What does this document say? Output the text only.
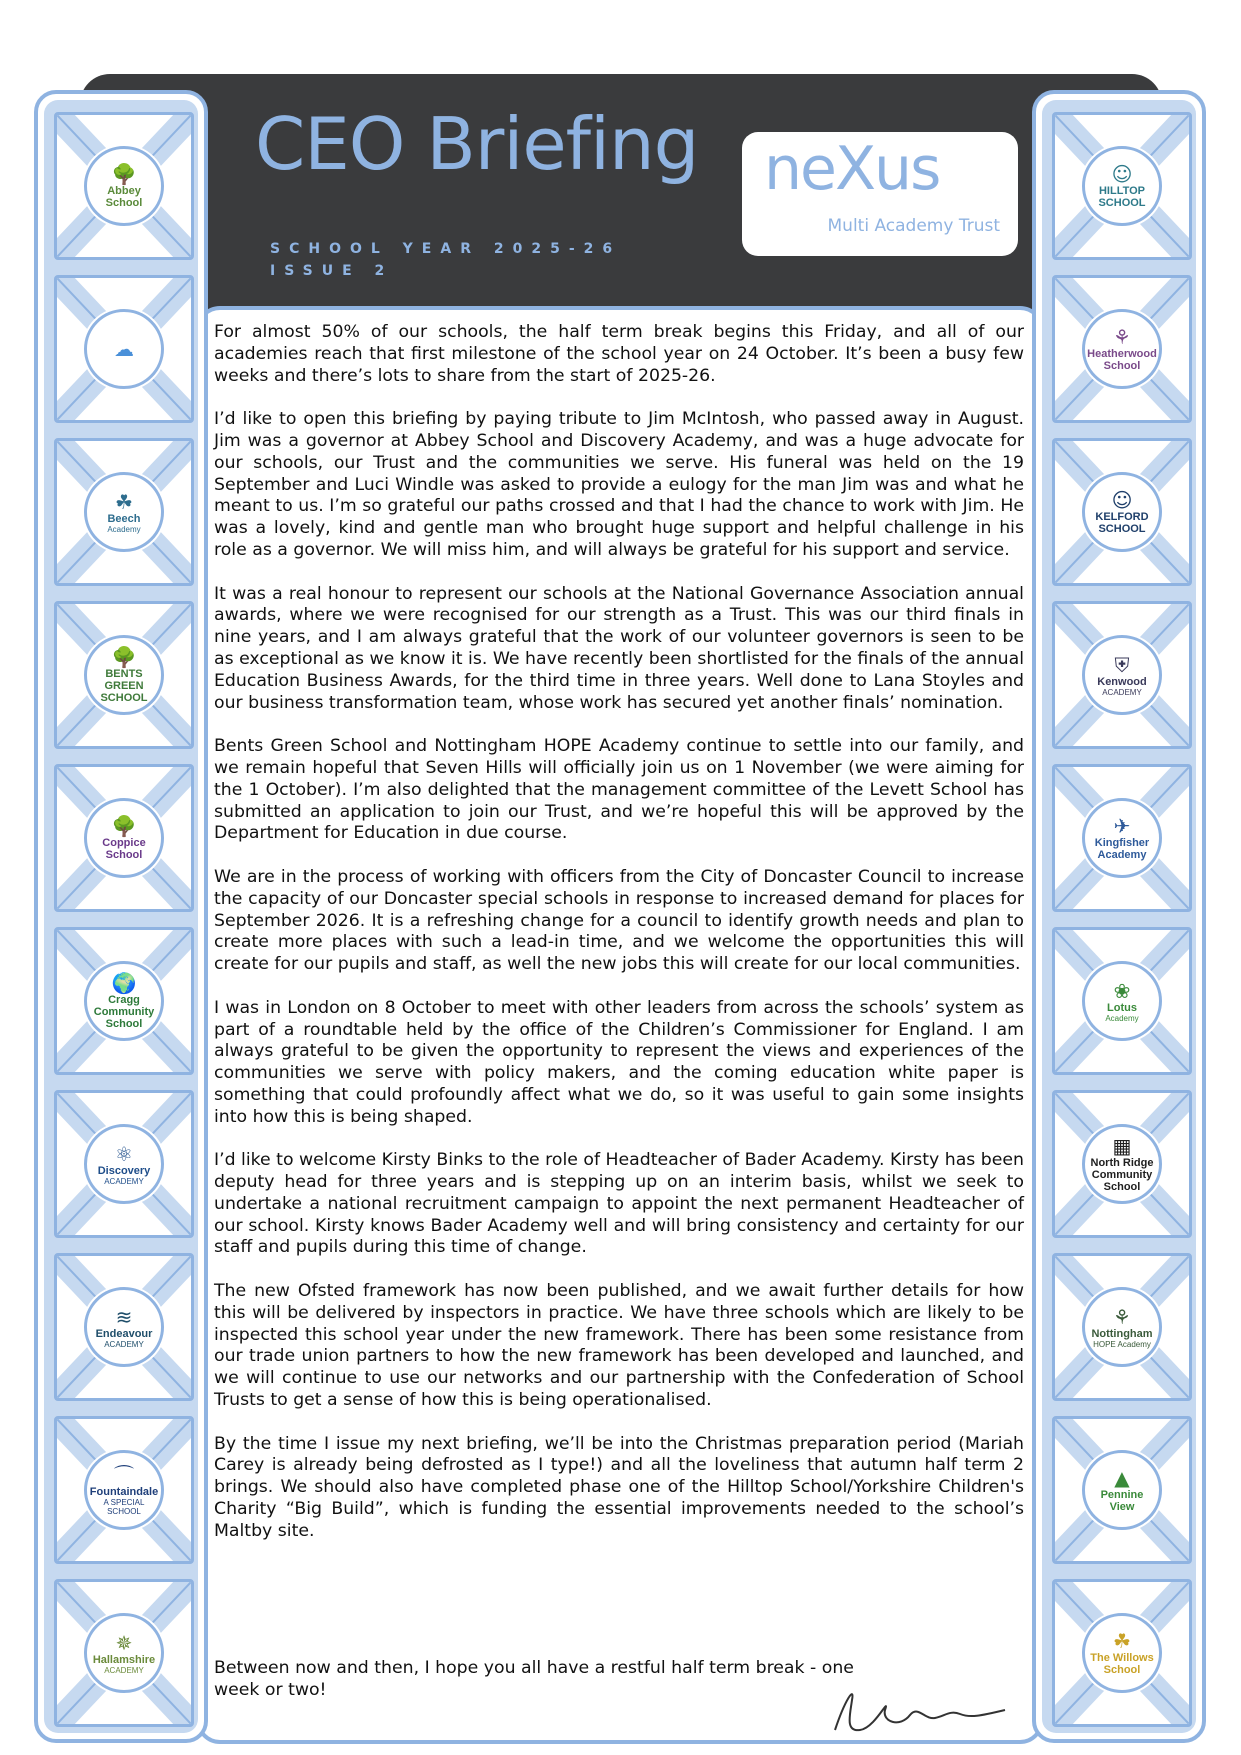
CEO Briefing
SCHOOL YEAR 2025-26
ISSUE 2
neXus
Multi Academy Trust
🌳
Abbey School
☁
☘
Beech
Academy
🌳
BENTS GREEN SCHOOL
🌳
Coppice School
🌍
Cragg Community School
⚛
Discovery
ACADEMY
≋
Endeavour
ACADEMY
⌒
Fountaindale
A SPECIAL SCHOOL
✵
Hallamshire
ACADEMY
☺
HILLTOP SCHOOL
⚘
Heatherwood School
☺
KELFORD SCHOOL
⛨
Kenwood
ACADEMY
✈
Kingfisher Academy
❀
Lotus
Academy
▦
North Ridge Community School
⚘
Nottingham
HOPE Academy
▲
Pennine View
☘
The Willows School

For almost 50% of our schools, the half term break begins this Friday, and all of our academies reach that first milestone of the school year on 24 October. It’s been a busy few weeks and there’s lots to share from the start of 2025-26.

I’d like to open this briefing by paying tribute to Jim McIntosh, who passed away in August. Jim was a governor at Abbey School and Discovery Academy, and was a huge advocate for our schools, our Trust and the communities we serve. His funeral was held on the 19 September and Luci Windle was asked to provide a eulogy for the man Jim was and what he meant to us. I’m so grateful our paths crossed and that I had the chance to work with Jim. He was a lovely, kind and gentle man who brought huge support and helpful challenge in his role as a governor. We will miss him, and will always be grateful for his support and service.

It was a real honour to represent our schools at the National Governance Association annual awards, where we were recognised for our strength as a Trust. This was our third finals in nine years, and I am always grateful that the work of our volunteer governors is seen to be as exceptional as we know it is. We have recently been shortlisted for the finals of the annual Education Business Awards, for the third time in three years. Well done to Lana Stoyles and our business transformation team, whose work has secured yet another finals’ nomination.

Bents Green School and Nottingham HOPE Academy continue to settle into our family, and we remain hopeful that Seven Hills will officially join us on 1 November (we were aiming for the 1 October). I’m also delighted that the management committee of the Levett School has submitted an application to join our Trust, and we’re hopeful this will be approved by the Department for Education in due course.

We are in the process of working with officers from the City of Doncaster Council to increase the capacity of our Doncaster special schools in response to increased demand for places for September 2026. It is a refreshing change for a council to identify growth needs and plan to create more places with such a lead-in time, and we welcome the opportunities this will create for our pupils and staff, as well the new jobs this will create for our local communities.

I was in London on 8 October to meet with other leaders from across the schools’ system as part of a roundtable held by the office of the Children’s Commissioner for England. I am always grateful to be given the opportunity to represent the views and experiences of the communities we serve with policy makers, and the coming education white paper is something that could profoundly affect what we do, so it was useful to gain some insights into how this is being shaped.

I’d like to welcome Kirsty Binks to the role of Headteacher of Bader Academy. Kirsty has been deputy head for three years and is stepping up on an interim basis, whilst we seek to undertake a national recruitment campaign to appoint the next permanent Headteacher of our school. Kirsty knows Bader Academy well and will bring consistency and certainty for our staff and pupils during this time of change.

The new Ofsted framework has now been published, and we await further details for how this will be delivered by inspectors in practice. We have three schools which are likely to be inspected this school year under the new framework. There has been some resistance from our trade union partners to how the new framework has been developed and launched, and we will continue to use our networks and our partnership with the Confederation of School Trusts to get a sense of how this is being operationalised.

By the time I issue my next briefing, we’ll be into the Christmas preparation period (Mariah Carey is already being defrosted as I type!) and all the loveliness that autumn half term 2 brings. We should also have completed phase one of the Hilltop School/Yorkshire Children's Charity “Big Build”, which is funding the essential improvements needed to the school’s Maltby site.

Between now and then, I hope you all have a restful half term break - one week or two!
